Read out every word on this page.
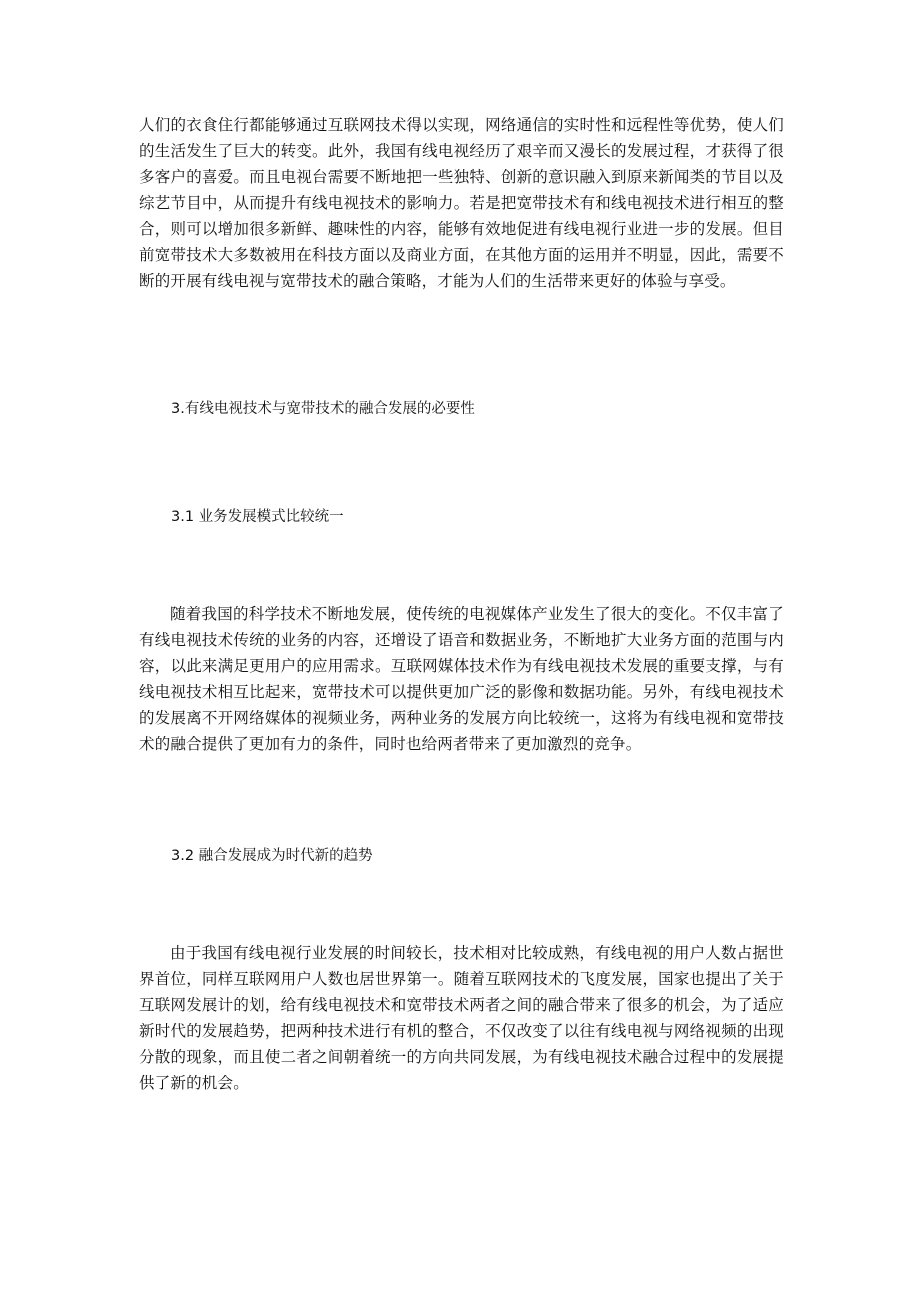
人们的衣食住行都能够通过互联网技术得以实现，网络通信的实时性和远程性等优势，使人们的生活发生了巨大的转变。此外，我国有线电视经历了艰辛而又漫长的发展过程，才获得了很多客户的喜爱。而且电视台需要不断地把一些独特、创新的意识融入到原来新闻类的节目以及综艺节目中，从而提升有线电视技术的影响力。若是把宽带技术有和线电视技术进行相互的整合，则可以增加很多新鲜、趣味性的内容，能够有效地促进有线电视行业进一步的发展。但目前宽带技术大多数被用在科技方面以及商业方面，在其他方面的运用并不明显，因此，需要不断的开展有线电视与宽带技术的融合策略，才能为人们的生活带来更好的体验与享受。

3.有线电视技术与宽带技术的融合发展的必要性
3.1 业务发展模式比较统一

随着我国的科学技术不断地发展，使传统的电视媒体产业发生了很大的变化。不仅丰富了有线电视技术传统的业务的内容，还增设了语音和数据业务，不断地扩大业务方面的范围与内容，以此来满足更用户的应用需求。互联网媒体技术作为有线电视技术发展的重要支撑，与有线电视技术相互比起来，宽带技术可以提供更加广泛的影像和数据功能。另外，有线电视技术的发展离不开网络媒体的视频业务，两种业务的发展方向比较统一，这将为有线电视和宽带技术的融合提供了更加有力的条件，同时也给两者带来了更加激烈的竞争。

3.2 融合发展成为时代新的趋势

由于我国有线电视行业发展的时间较长，技术相对比较成熟，有线电视的用户人数占据世界首位，同样互联网用户人数也居世界第一。随着互联网技术的飞度发展，国家也提出了关于互联网发展计的划，给有线电视技术和宽带技术两者之间的融合带来了很多的机会，为了适应新时代的发展趋势，把两种技术进行有机的整合，不仅改变了以往有线电视与网络视频的出现分散的现象，而且使二者之间朝着统一的方向共同发展，为有线电视技术融合过程中的发展提供了新的机会。
